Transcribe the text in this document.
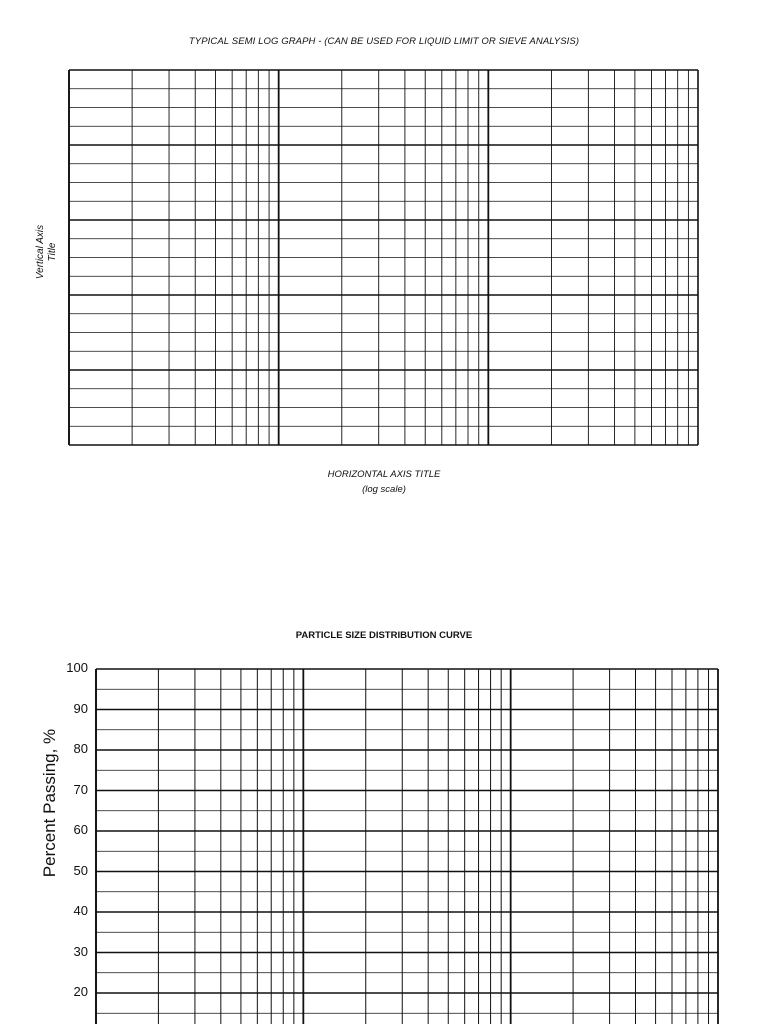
TYPICAL SEMI LOG GRAPH - (CAN BE USED FOR LIQUID LIMIT OR SIEVE ANALYSIS)
Vertical Axis Title
HORIZONTAL AXIS TITLE
(log scale)
PARTICLE SIZE DISTRIBUTION CURVE
Percent Passing, %
100
90
80
70
60
50
40
30
20
